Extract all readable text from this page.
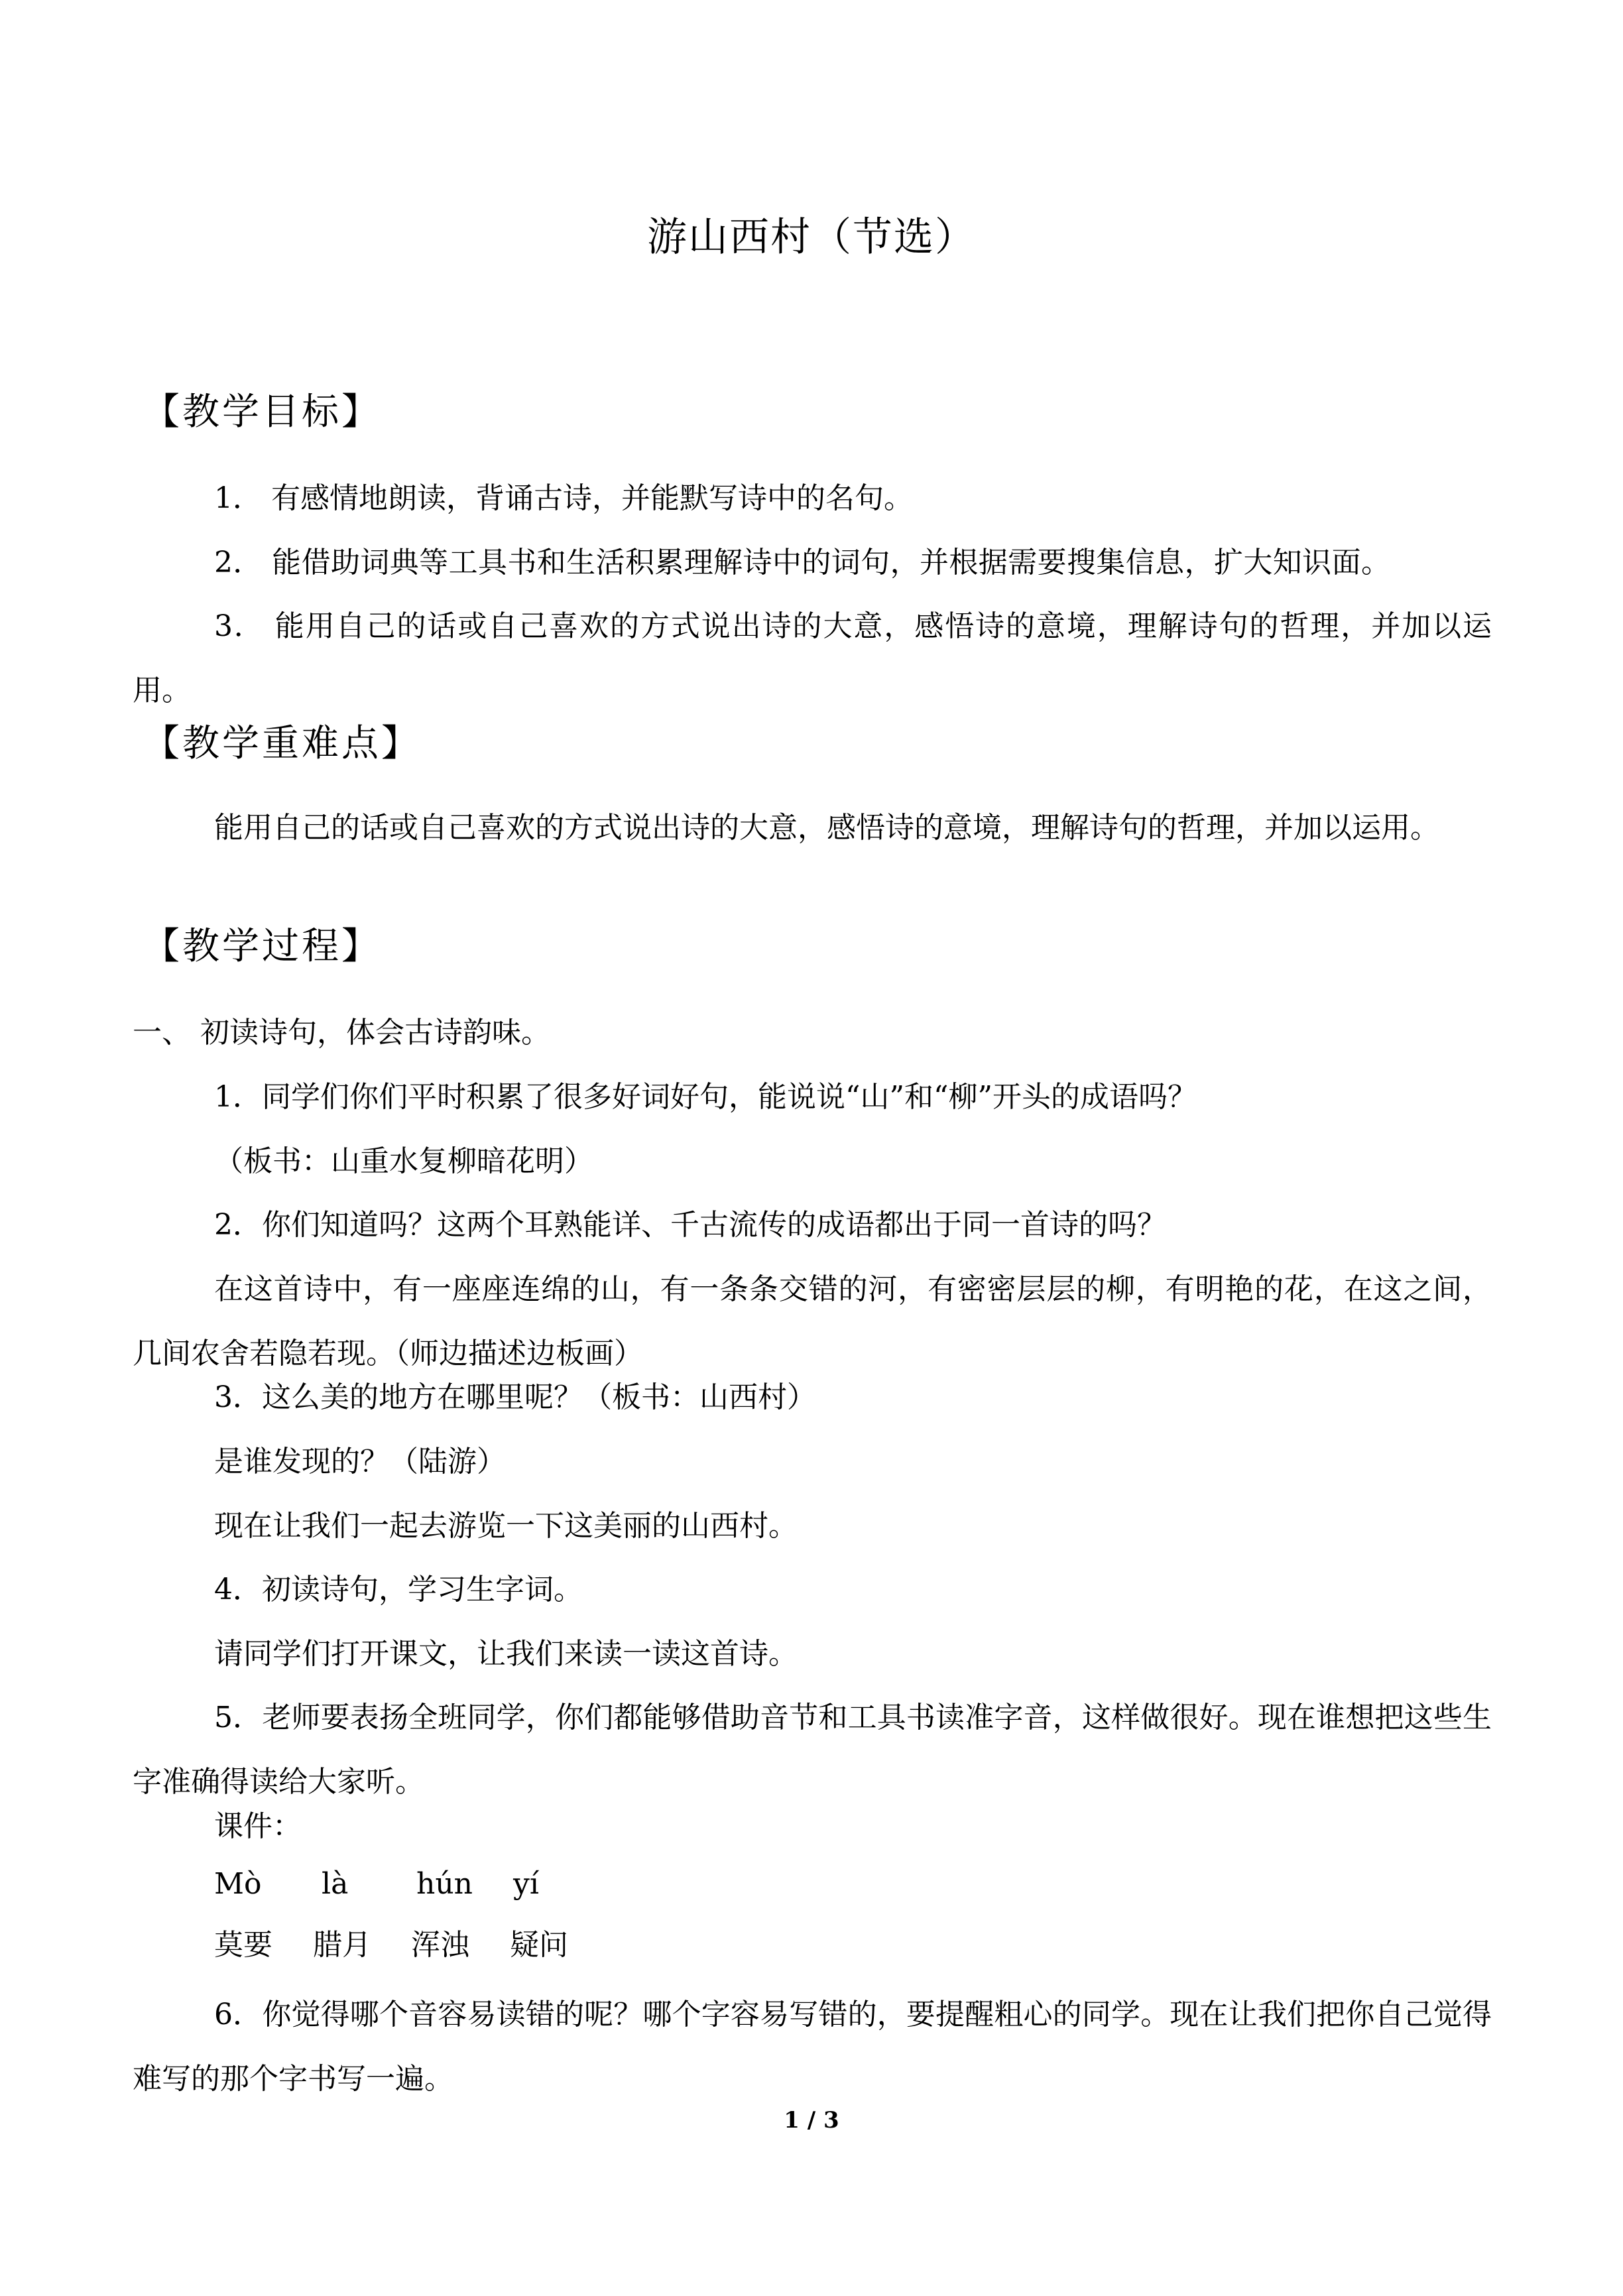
游山西村（节选）
【教学目标】
1． 有感情地朗读，背诵古诗，并能默写诗中的名句。
2． 能借助词典等工具书和生活积累理解诗中的词句，并根据需要搜集信息，扩大知识面。
3． 能用自己的话或自己喜欢的方式说出诗的大意，感悟诗的意境，理解诗句的哲理，并加以运用。
【教学重难点】
能用自己的话或自己喜欢的方式说出诗的大意，感悟诗的意境，理解诗句的哲理，并加以运用。
【教学过程】
一、 初读诗句，体会古诗韵味。
1．同学们你们平时积累了很多好词好句，能说说“山”和“柳”开头的成语吗？
（板书：山重水复柳暗花明）
2．你们知道吗？这两个耳熟能详、千古流传的成语都出于同一首诗的吗？
在这首诗中，有一座座连绵的山，有一条条交错的河，有密密层层的柳，有明艳的花，在这之间，几间农舍若隐若现。（师边描述边板画）
3．这么美的地方在哪里呢？（板书：山西村）
是谁发现的？（陆游）
现在让我们一起去游览一下这美丽的山西村。
4．初读诗句，学习生字词。
请同学们打开课文，让我们来读一读这首诗。
5．老师要表扬全班同学，你们都能够借助音节和工具书读准字音，这样做很好。现在谁想把这些生字准确得读给大家听。
课件：
Mò là hún yí
莫要 腊月 浑浊 疑问
6．你觉得哪个音容易读错的呢？哪个字容易写错的，要提醒粗心的同学。现在让我们把你自己觉得难写的那个字书写一遍。
1 / 3
